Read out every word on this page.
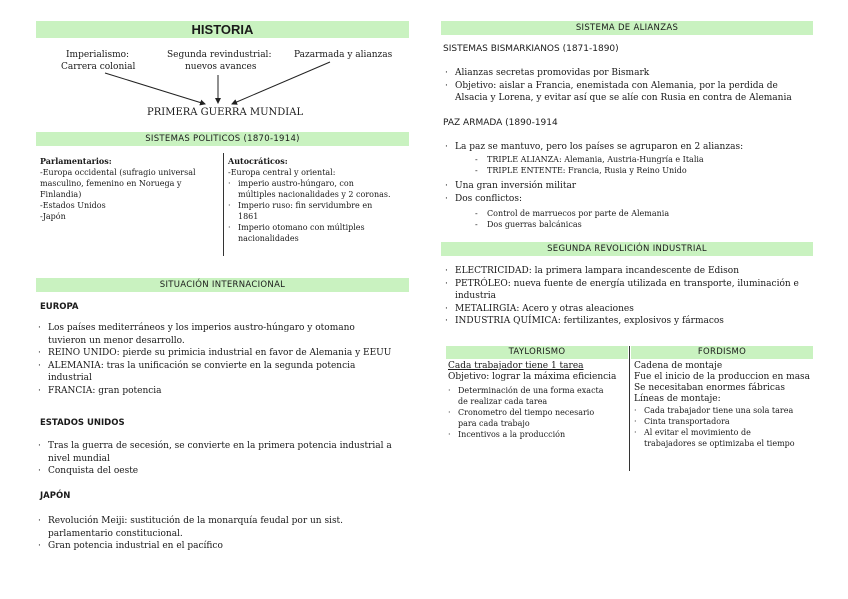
HISTORIA
Imperialismo:
Carrera colonial
Segunda revindustrial:
nuevos avances
Pazarmada y alianzas
PRIMERA GUERRA MUNDIAL
SISTEMAS POLITICOS (1870-1914)
Parlamentarios:
-Europa occidental (sufragio universal
masculino, femenino en Noruega y
Finlandia)
-Estados Unidos
-Japón
Autocráticos:
-Europa central y oriental:
· imperio austro-húngaro, con
múltiples nacionalidades y 2 coronas.
· Imperio ruso: fin servidumbre en
1861
· Imperio otomano con múltiples
nacionalidades
SITUACIÓN INTERNACIONAL
EUROPA
· Los países mediterráneos y los imperios austro-húngaro y otomano
tuvieron un menor desarrollo.
· REINO UNIDO: pierde su primicia industrial en favor de Alemania y EEUU
· ALEMANIA: tras la unificación se convierte en la segunda potencia
industrial
· FRANCIA: gran potencia
ESTADOS UNIDOS
· Tras la guerra de secesión, se convierte en la primera potencia industrial a
nivel mundial
· Conquista del oeste
JAPÓN
· Revolución Meiji: sustitución de la monarquía feudal por un sist.
parlamentario constitucional.
· Gran potencia industrial en el pacífico
SISTEMA DE ALIANZAS
SISTEMAS BISMARKIANOS (1871-1890)
· Alianzas secretas promovidas por Bismark
· Objetivo: aislar a Francia, enemistada con Alemania, por la perdida de
Alsacia y Lorena, y evitar así que se alíe con Rusia en contra de Alemania
PAZ ARMADA (1890-1914
· La paz se mantuvo, pero los países se agruparon en 2 alianzas:
- TRIPLE ALIANZA: Alemania, Austria-Hungría e Italia
- TRIPLE ENTENTE: Francia, Rusia y Reino Unido
· Una gran inversión militar
· Dos conflictos:
- Control de marruecos por parte de Alemania
- Dos guerras balcánicas
SEGUNDA REVOLICIÓN INDUSTRIAL
· ELECTRICIDAD: la primera lampara incandescente de Edison
· PETRÓLEO: nueva fuente de energía utilizada en transporte, iluminación e
industria
· METALIRGIA: Acero y otras aleaciones
· INDUSTRIA QUÍMICA: fertilizantes, explosivos y fármacos
TAYLORISMO	FORDISMO
Cada trabajador tiene 1 tarea
Objetivo: lograr la máxima eficiencia
· Determinación de una forma exacta
de realizar cada tarea
· Cronometro del tiempo necesario
para cada trabajo
· Incentivos a la producción
Cadena de montaje
Fue el inicio de la produccion en masa
Se necesitaban enormes fábricas
Líneas de montaje:
· Cada trabajador tiene una sola tarea
· Cinta transportadora
· Al evitar el movimiento de
trabajadores se optimizaba el tiempo
